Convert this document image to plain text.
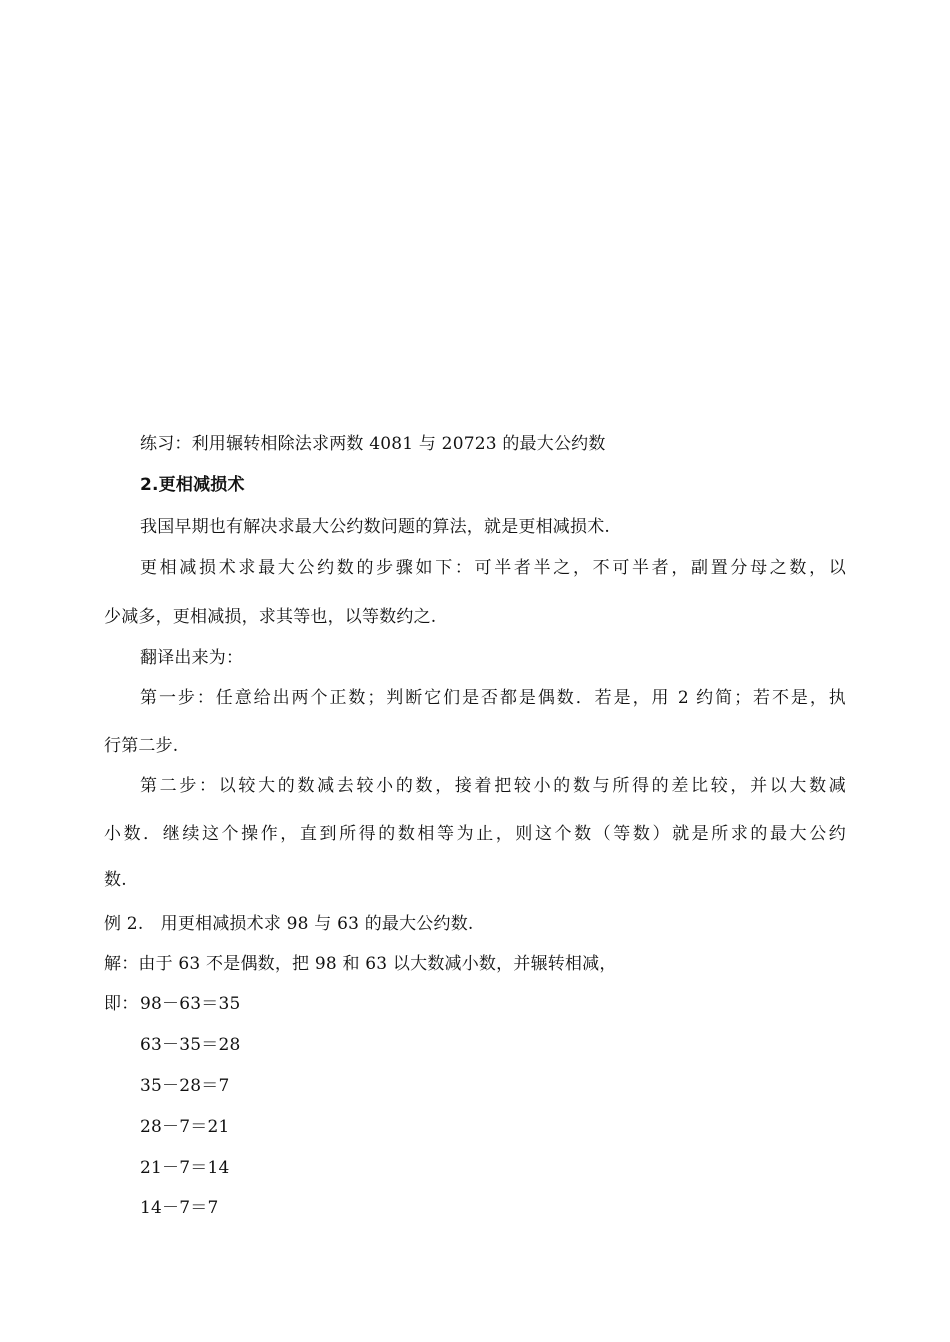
练习：利用辗转相除法求两数 4081 与 20723 的最大公约数
2.更相减损术
我国早期也有解决求最大公约数问题的算法，就是更相减损术.
更相减损术求最大公约数的步骤如下：可半者半之，不可半者，副置分母之数，以
少减多，更相减损，求其等也，以等数约之.
翻译出来为：
第一步：任意给出两个正数；判断它们是否都是偶数．若是，用 2 约简；若不是，执
行第二步.
第二步：以较大的数减去较小的数，接着把较小的数与所得的差比较，并以大数减
小数．继续这个操作，直到所得的数相等为止，则这个数（等数）就是所求的最大公约
数.
例 2.　用更相减损术求 98 与 63 的最大公约数.
解：由于 63 不是偶数，把 98 和 63 以大数减小数，并辗转相减，
即： 98－63＝35
63－35＝28
35－28＝7
28－7＝21
21－7＝14
14－7＝7
